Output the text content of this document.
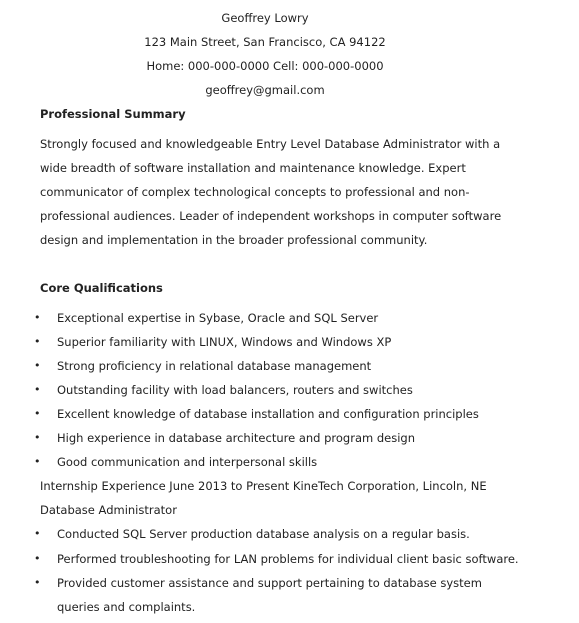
Geoffrey Lowry
123 Main Street, San Francisco, CA 94122
Home: 000-000-0000 Cell: 000-000-0000
geoffrey@gmail.com
Professional Summary
Strongly focused and knowledgeable Entry Level Database Administrator with a
wide breadth of software installation and maintenance knowledge. Expert
communicator of complex technological concepts to professional and non-
professional audiences. Leader of independent workshops in computer software
design and implementation in the broader professional community.
Core Qualifications
• Exceptional expertise in Sybase, Oracle and SQL Server
• Superior familiarity with LINUX, Windows and Windows XP
• Strong proficiency in relational database management
• Outstanding facility with load balancers, routers and switches
• Excellent knowledge of database installation and configuration principles
• High experience in database architecture and program design
• Good communication and interpersonal skills
Internship Experience June 2013 to Present KineTech Corporation, Lincoln, NE
Database Administrator
• Conducted SQL Server production database analysis on a regular basis.
• Performed troubleshooting for LAN problems for individual client basic software.
• Provided customer assistance and support pertaining to database system
queries and complaints.
